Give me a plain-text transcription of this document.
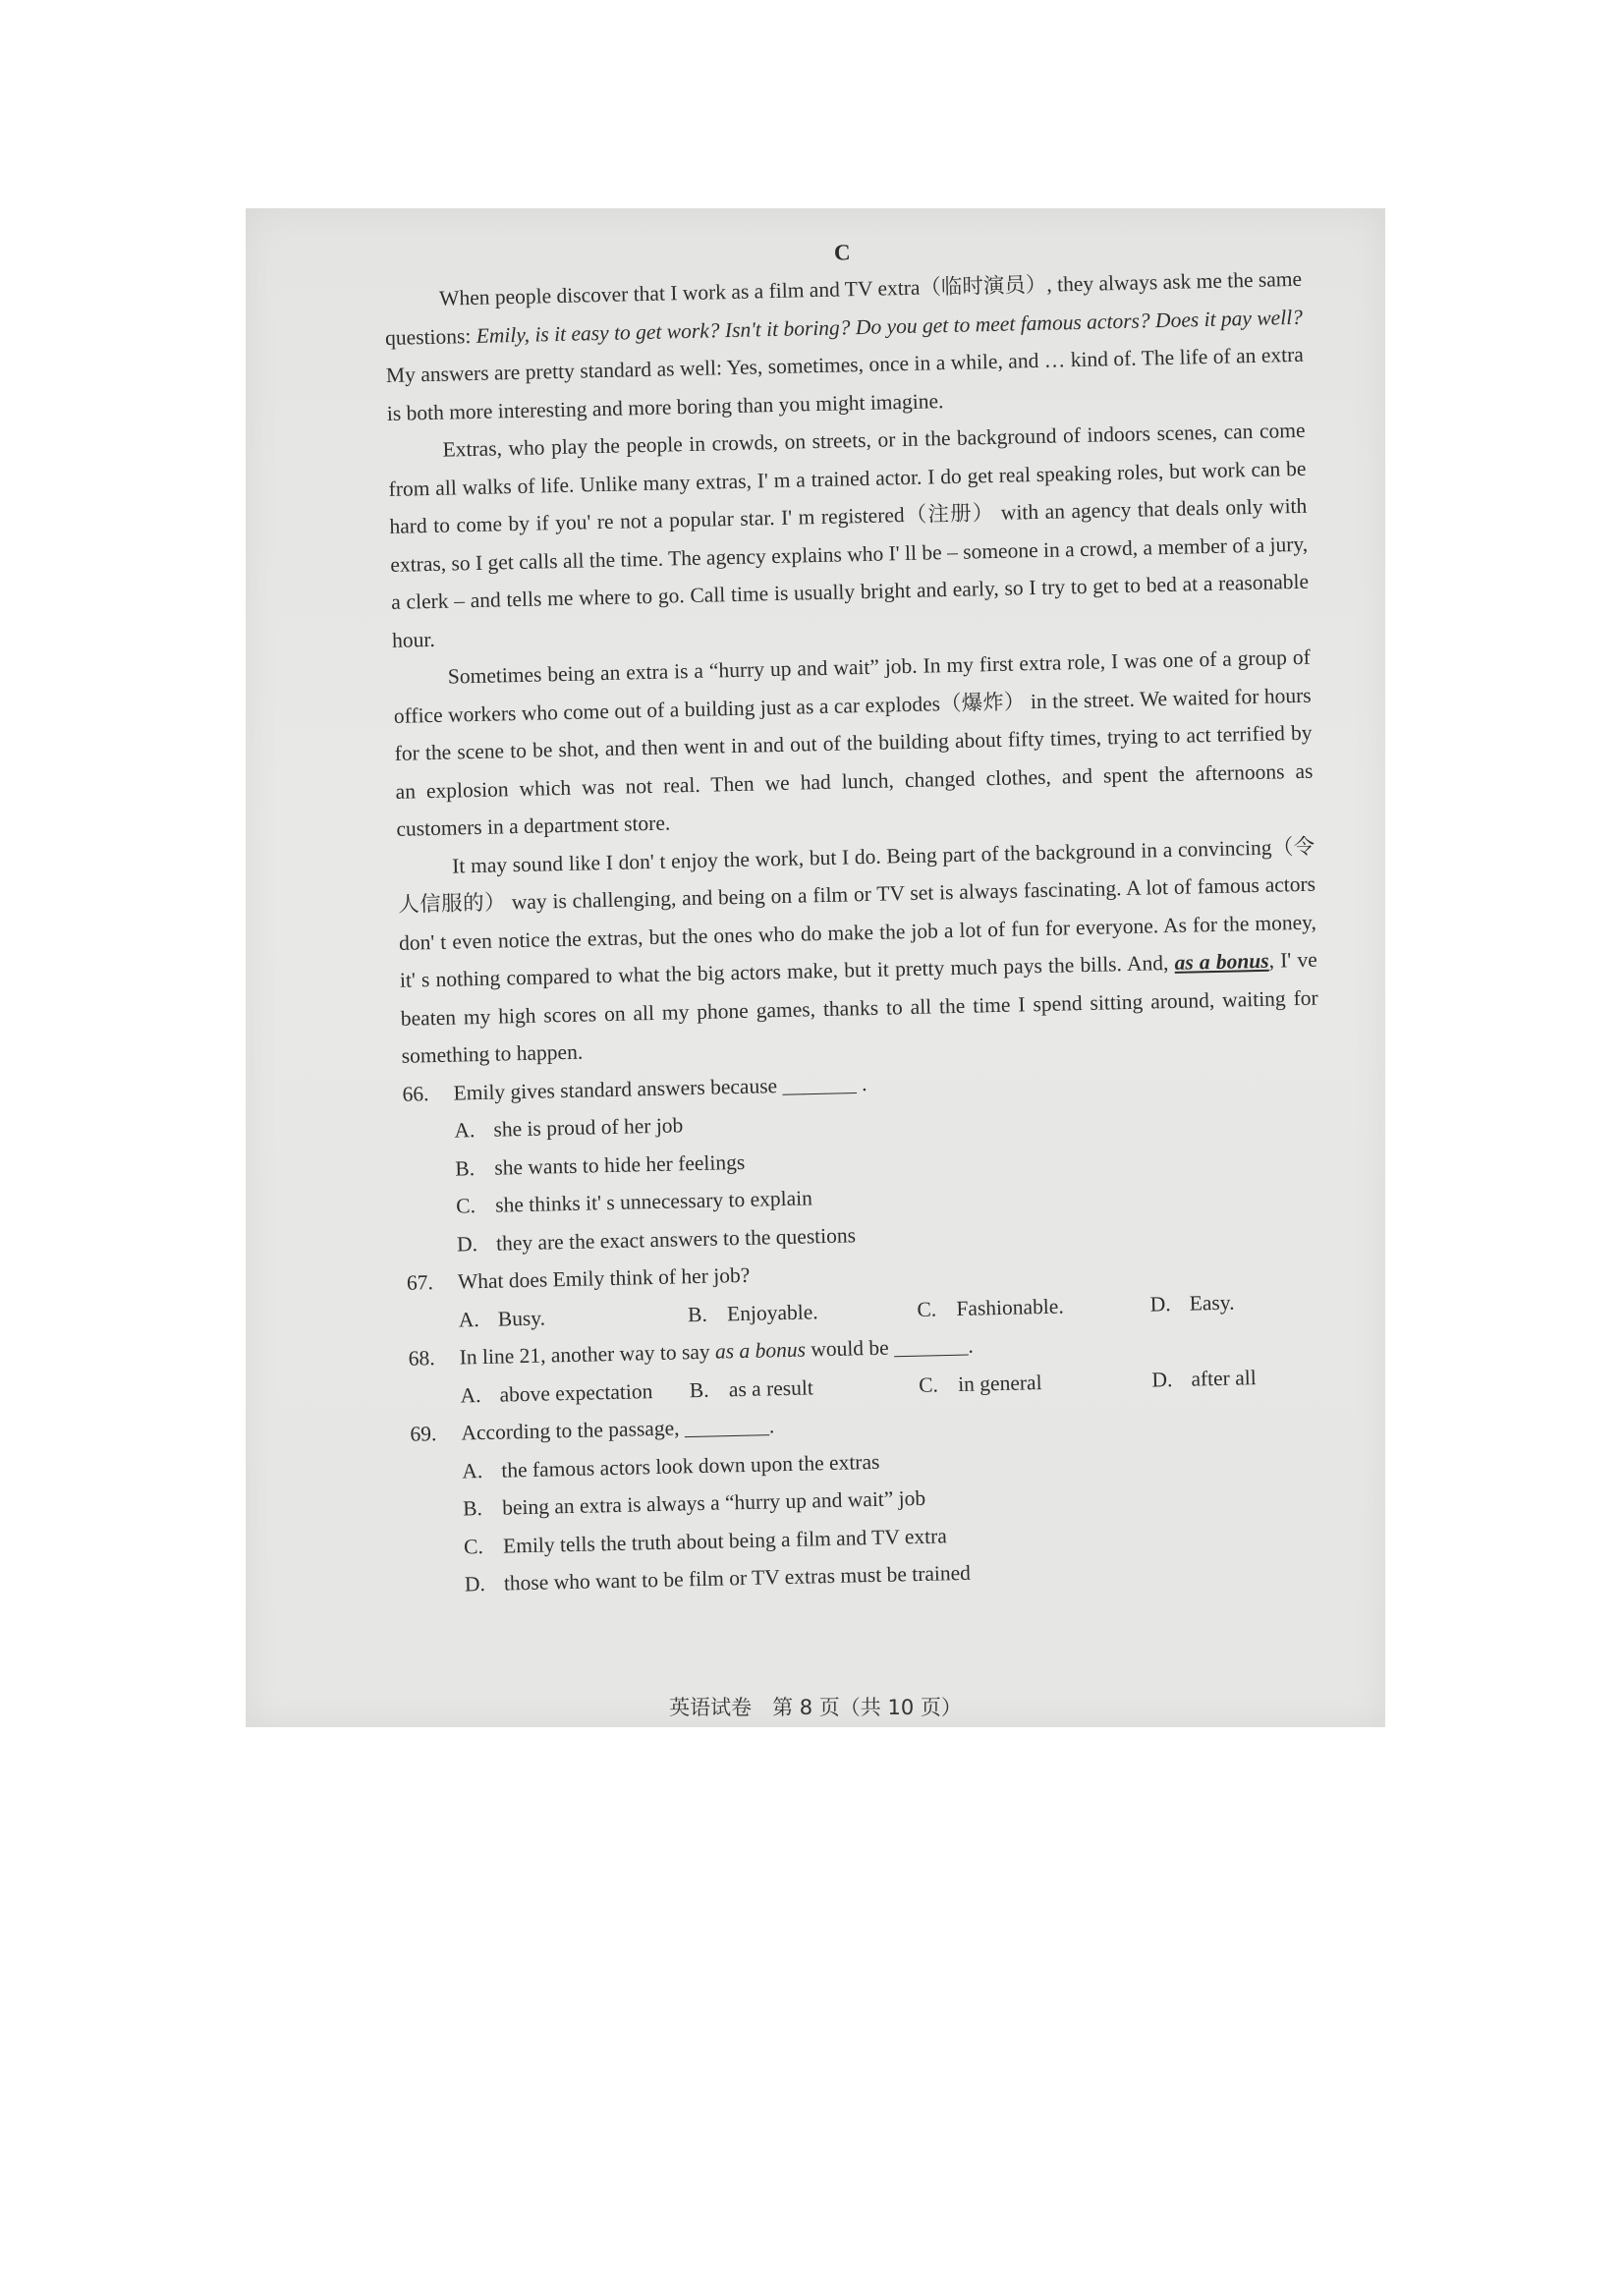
C

When people discover that I work as a film and TV extra（临时演员）, they always ask me the same questions: Emily, is it easy to get work? Isn't it boring? Do you get to meet famous actors? Does it pay well? My answers are pretty standard as well: Yes, sometimes, once in a while, and … kind of. The life of an extra is both more interesting and more boring than you might imagine.

Extras, who play the people in crowds, on streets, or in the background of indoors scenes, can come from all walks of life. Unlike many extras, I' m a trained actor. I do get real speaking roles, but work can be hard to come by if you' re not a popular star. I' m registered（注册） with an agency that deals only with extras, so I get calls all the time. The agency explains who I' ll be – someone in a crowd, a member of a jury, a clerk – and tells me where to go. Call time is usually bright and early, so I try to get to bed at a reasonable hour.

Sometimes being an extra is a “hurry up and wait” job. In my first extra role, I was one of a group of office workers who come out of a building just as a car explodes（爆炸） in the street. We waited for hours for the scene to be shot, and then went in and out of the building about fifty times, trying to act terrified by an explosion which was not real. Then we had lunch, changed clothes, and spent the afternoons as customers in a department store.

It may sound like I don' t enjoy the work, but I do. Being part of the background in a convincing（令人信服的） way is challenging, and being on a film or TV set is always fascinating. A lot of famous actors don' t even notice the extras, but the ones who do make the job a lot of fun for everyone. As for the money, it' s nothing compared to what the big actors make, but it pretty much pays the bills. And, as a bonus, I' ve beaten my high scores on all my phone games, thanks to all the time I spend sitting around, waiting for something to happen.

66. Emily gives standard answers because _______ .
A. she is proud of her job
B. she wants to hide her feelings
C. she thinks it' s unnecessary to explain
D. they are the exact answers to the questions
67. What does Emily think of her job?
A. Busy.	B. Enjoyable.	C. Fashionable.	D. Easy.
68. In line 21, another way to say as a bonus would be _______.
A. above expectation	B. as a result	C. in general	D. after all
69. According to the passage, ________.
A. the famous actors look down upon the extras
B. being an extra is always a “hurry up and wait” job
C. Emily tells the truth about being a film and TV extra
D. those who want to be film or TV extras must be trained
英语试卷　第 8 页（共 10 页）
